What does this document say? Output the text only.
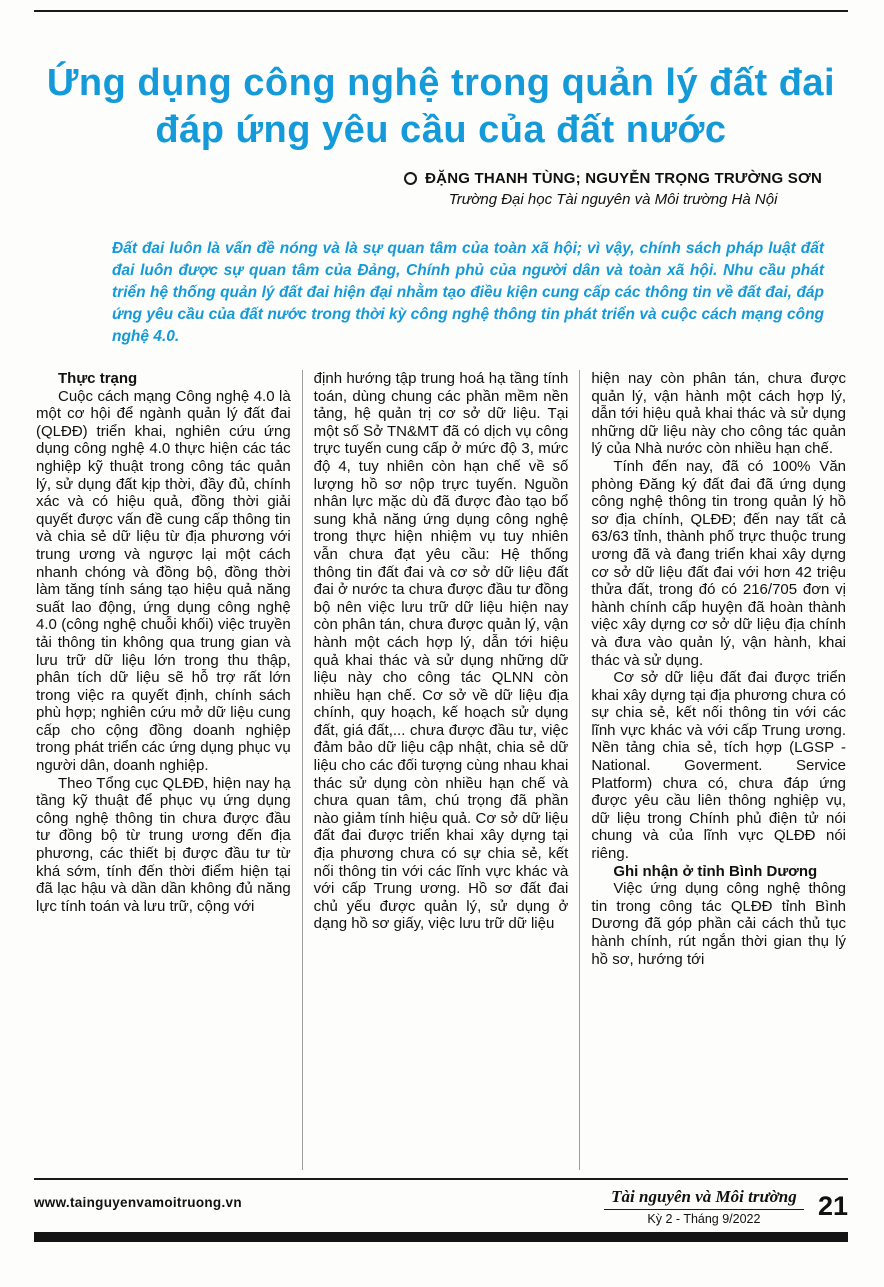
Ứng dụng công nghệ trong quản lý đất đai
đáp ứng yêu cầu của đất nước
ĐẶNG THANH TÙNG; NGUYỄN TRỌNG TRƯỜNG SƠN
Trường Đại học Tài nguyên và Môi trường Hà Nội
Đất đai luôn là vấn đề nóng và là sự quan tâm của toàn xã hội; vì vậy, chính sách pháp luật đất đai luôn được sự quan tâm của Đảng, Chính phủ của người dân và toàn xã hội. Nhu cầu phát triển hệ thống quản lý đất đai hiện đại nhằm tạo điều kiện cung cấp các thông tin về đất đai, đáp ứng yêu cầu của đất nước trong thời kỳ công nghệ thông tin phát triển và cuộc cách mạng công nghệ 4.0.

Thực trạng

Cuộc cách mạng Công nghệ 4.0 là một cơ hội để ngành quản lý đất đai (QLĐĐ) triển khai, nghiên cứu ứng dụng công nghệ 4.0 thực hiện các tác nghiệp kỹ thuật trong công tác quản lý, sử dụng đất kịp thời, đầy đủ, chính xác và có hiệu quả, đồng thời giải quyết được vấn đề cung cấp thông tin và chia sẻ dữ liệu từ địa phương với trung ương và ngược lại một cách nhanh chóng và đồng bộ, đồng thời làm tăng tính sáng tạo hiệu quả năng suất lao động, ứng dụng công nghệ 4.0 (công nghệ chuỗi khối) việc truyền tải thông tin không qua trung gian và lưu trữ dữ liệu lớn trong thu thập, phân tích dữ liệu sẽ hỗ trợ rất lớn trong việc ra quyết định, chính sách phù hợp; nghiên cứu mở dữ liệu cung cấp cho cộng đồng doanh nghiệp trong phát triển các ứng dụng phục vụ người dân, doanh nghiệp.

Theo Tổng cục QLĐĐ, hiện nay hạ tầng kỹ thuật để phục vụ ứng dụng công nghệ thông tin chưa được đầu tư đồng bộ từ trung ương đến địa phương, các thiết bị được đầu tư từ khá sớm, tính đến thời điểm hiện tại đã lạc hậu và dần dần không đủ năng lực tính toán và lưu trữ, cộng với

định hướng tập trung hoá hạ tầng tính toán, dùng chung các phần mềm nền tảng, hệ quản trị cơ sở dữ liệu. Tại một số Sở TN&MT đã có dịch vụ công trực tuyến cung cấp ở mức độ 3, mức độ 4, tuy nhiên còn hạn chế về số lượng hồ sơ nộp trực tuyến. Nguồn nhân lực mặc dù đã được đào tạo bổ sung khả năng ứng dụng công nghệ trong thực hiện nhiệm vụ tuy nhiên vẫn chưa đạt yêu cầu: Hệ thống thông tin đất đai và cơ sở dữ liệu đất đai ở nước ta chưa được đầu tư đồng bộ nên việc lưu trữ dữ liệu hiện nay còn phân tán, chưa được quản lý, vận hành một cách hợp lý, dẫn tới hiệu quả khai thác và sử dụng những dữ liệu này cho công tác QLNN còn nhiều hạn chế. Cơ sở về dữ liệu địa chính, quy hoạch, kế hoạch sử dụng đất, giá đất,... chưa được đầu tư, việc đảm bảo dữ liệu cập nhật, chia sẻ dữ liệu cho các đối tượng cùng nhau khai thác sử dụng còn nhiều hạn chế và chưa quan tâm, chú trọng đã phần nào giảm tính hiệu quả. Cơ sở dữ liệu đất đai được triển khai xây dựng tại địa phương chưa có sự chia sẻ, kết nối thông tin với các lĩnh vực khác và với cấp Trung ương. Hồ sơ đất đai chủ yếu được quản lý, sử dụng ở dạng hồ sơ giấy, việc lưu trữ dữ liệu

hiện nay còn phân tán, chưa được quản lý, vận hành một cách hợp lý, dẫn tới hiệu quả khai thác và sử dụng những dữ liệu này cho công tác quản lý của Nhà nước còn nhiều hạn chế.

Tính đến nay, đã có 100% Văn phòng Đăng ký đất đai đã ứng dụng công nghệ thông tin trong quản lý hồ sơ địa chính, QLĐĐ; đến nay tất cả 63/63 tỉnh, thành phố trực thuộc trung ương đã và đang triển khai xây dựng cơ sở dữ liệu đất đai với hơn 42 triệu thửa đất, trong đó có 216/705 đơn vị hành chính cấp huyện đã hoàn thành việc xây dựng cơ sở dữ liệu địa chính và đưa vào quản lý, vận hành, khai thác và sử dụng.

Cơ sở dữ liệu đất đai được triển khai xây dựng tại địa phương chưa có sự chia sẻ, kết nối thông tin với các lĩnh vực khác và với cấp Trung ương. Nền tảng chia sẻ, tích hợp (LGSP - National. Goverment. Service Platform) chưa có, chưa đáp ứng được yêu cầu liên thông nghiệp vụ, dữ liệu trong Chính phủ điện tử nói chung và của lĩnh vực QLĐĐ nói riêng.

Ghi nhận ở tỉnh Bình Dương

Việc ứng dụng công nghệ thông tin trong công tác QLĐĐ tỉnh Bình Dương đã góp phần cải cách thủ tục hành chính, rút ngắn thời gian thụ lý hồ sơ, hướng tới

www.tainguyenvamoitruong.vn	Tài nguyên và Môi trường
Kỳ 2 - Tháng 9/2022	21
